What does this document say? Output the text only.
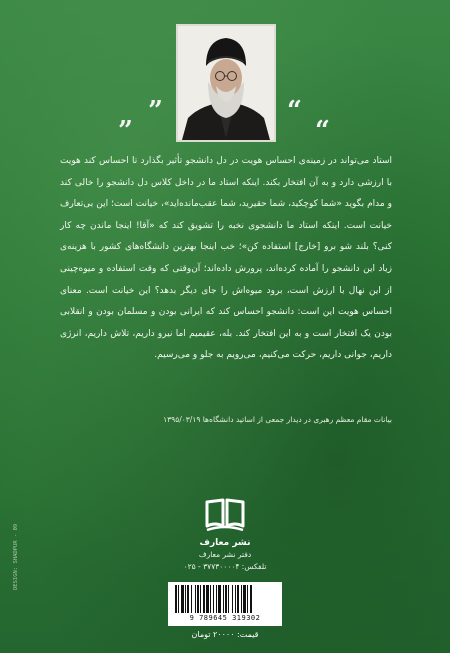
”
”	“
“
استاد می‌تواند در زمینه‌ی احساس هویت در دل دانشجو تأثیر بگذارد تا احساس کند هویت با ارزشی دارد و به آن افتخار بکند. اینکه استاد ما در داخل کلاس دل دانشجو را خالی کند و مدام بگوید «شما کوچکید، شما حقیرید، شما عقب‌مانده‌اید»، خیانت است؛ این بی‌تعارف خیانت است. اینکه استاد ما دانشجوی نخبه را تشویق کند که «آقا! اینجا ماندن چه کار کنی؟ بلند شو برو [خارج] استفاده کن»؛ خب اینجا بهترین دانشگاه‌های کشور با هزینه‌ی زیاد این دانشجو را آماده کرده‌اند، پرورش داده‌اند؛ آن‌وقتی که وقت استفاده و میوه‌چینی از این نهال با ارزش است، برود میوه‌اش را جای دیگر بدهد؟ این خیانت است. معنای احساس هویت این است: دانشجو احساس کند که ایرانی بودن و مسلمان بودن و انقلابی بودن یک افتخار است و به این افتخار کند. بله، عقیمیم اما نیرو داریم، تلاش داریم، انرژی داریم، جوانی داریم، حرکت می‌کنیم، می‌رویم به جلو و می‌رسیم.
بیانات مقام معظم رهبری در دیدار جمعی از اساتید دانشگاه‌ها ۱۳۹۵/۰۳/۱۹
نشر معارف
دفتر نشر معارف
تلفکس: ۳۷۷۳۰۰۰۰۴ - ۰۲۵
9 789645 319302
قیمت: ۲۰۰۰۰ تومان
DESIGN: SHADPUR - 09
